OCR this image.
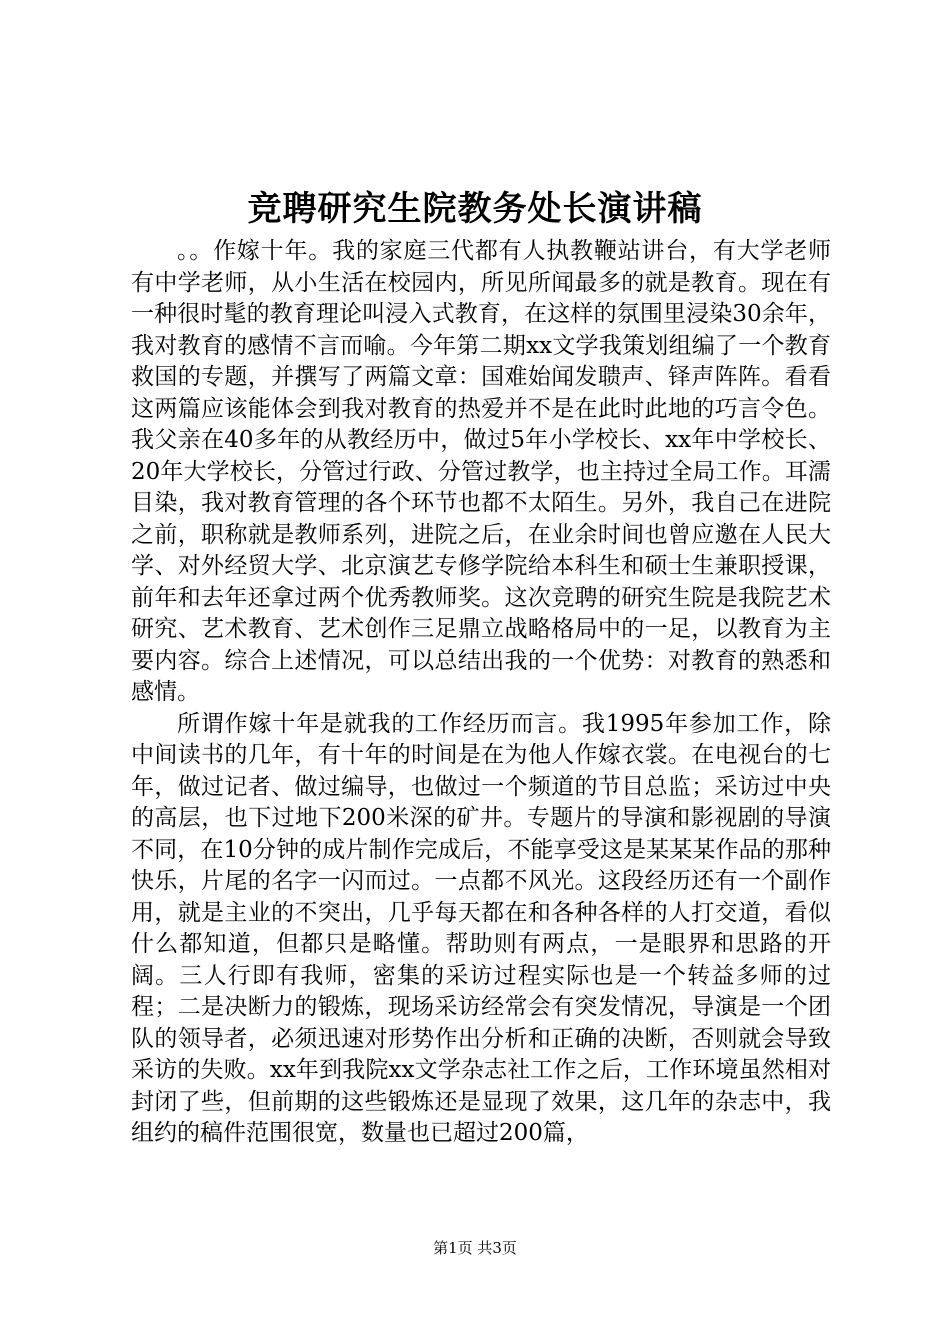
竞聘研究生院教务处长演讲稿

。。作嫁十年。我的家庭三代都有人执教鞭站讲台，有大学老师有中学老师，从小生活在校园内，所见所闻最多的就是教育。现在有一种很时髦的教育理论叫浸入式教育，在这样的氛围里浸染30余年，我对教育的感情不言而喻。今年第二期xx文学我策划组编了一个教育救国的专题，并撰写了两篇文章：国难始闻发聩声、铎声阵阵。看看这两篇应该能体会到我对教育的热爱并不是在此时此地的巧言令色。我父亲在40多年的从教经历中，做过5年小学校长、xx年中学校长、20年大学校长，分管过行政、分管过教学，也主持过全局工作。耳濡目染，我对教育管理的各个环节也都不太陌生。另外，我自己在进院之前，职称就是教师系列，进院之后，在业余时间也曾应邀在人民大学、对外经贸大学、北京演艺专修学院给本科生和硕士生兼职授课，前年和去年还拿过两个优秀教师奖。这次竞聘的研究生院是我院艺术研究、艺术教育、艺术创作三足鼎立战略格局中的一足，以教育为主要内容。综合上述情况，可以总结出我的一个优势：对教育的熟悉和感情。

所谓作嫁十年是就我的工作经历而言。我1995年参加工作，除中间读书的几年，有十年的时间是在为他人作嫁衣裳。在电视台的七年，做过记者、做过编导，也做过一个频道的节目总监；采访过中央的高层，也下过地下200米深的矿井。专题片的导演和影视剧的导演不同，在10分钟的成片制作完成后，不能享受这是某某某作品的那种快乐，片尾的名字一闪而过。一点都不风光。这段经历还有一个副作用，就是主业的不突出，几乎每天都在和各种各样的人打交道，看似什么都知道，但都只是略懂。帮助则有两点，一是眼界和思路的开阔。三人行即有我师，密集的采访过程实际也是一个转益多师的过程；二是决断力的锻炼，现场采访经常会有突发情况，导演是一个团队的领导者，必须迅速对形势作出分析和正确的决断，否则就会导致采访的失败。xx年到我院xx文学杂志社工作之后，工作环境虽然相对封闭了些，但前期的这些锻炼还是显现了效果，这几年的杂志中，我组约的稿件范围很宽，数量也已超过200篇，

第1页 共3页
